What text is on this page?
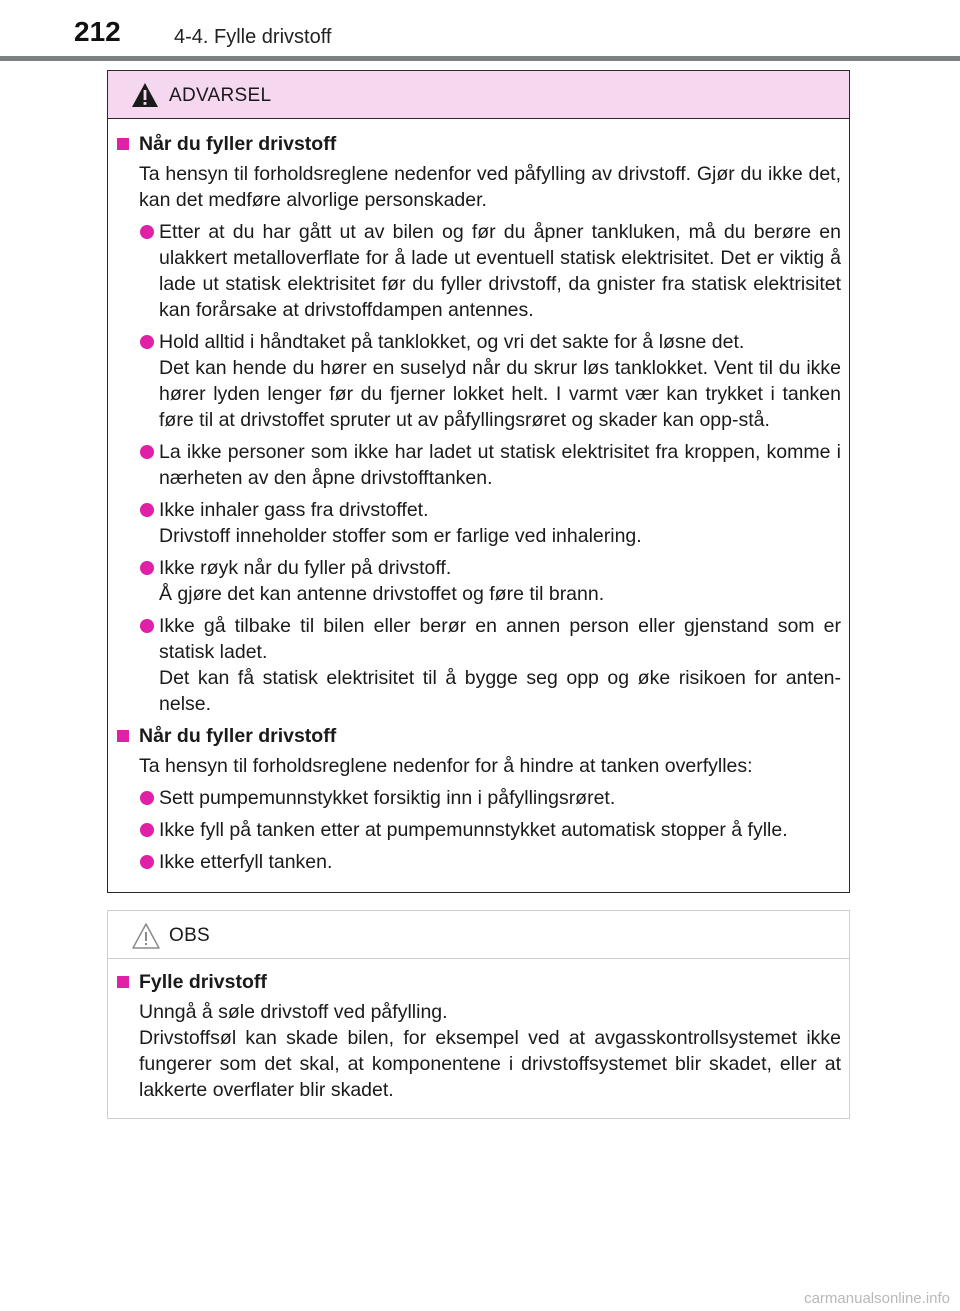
212	4-4. Fylle drivstoff
ADVARSEL
Når du fyller drivstoff
Ta hensyn til forholdsreglene nedenfor ved påfylling av drivstoff. Gjør du ikke det, kan det medføre alvorlige personskader.
Etter at du har gått ut av bilen og før du åpner tankluken, må du berøre en ulakkert metalloverflate for å lade ut eventuell statisk elektrisitet. Det er viktig å lade ut statisk elektrisitet før du fyller drivstoff, da gnister fra statisk elektrisitet kan forårsake at drivstoffdampen antennes.
Hold alltid i håndtaket på tanklokket, og vri det sakte for å løsne det.
Det kan hende du hører en suselyd når du skrur løs tanklokket. Vent til du ikke hører lyden lenger før du fjerner lokket helt. I varmt vær kan trykket i tanken føre til at drivstoffet spruter ut av påfyllingsrøret og skader kan opp-stå.
La ikke personer som ikke har ladet ut statisk elektrisitet fra kroppen, komme i nærheten av den åpne drivstofftanken.
Ikke inhaler gass fra drivstoffet.
Drivstoff inneholder stoffer som er farlige ved inhalering.
Ikke røyk når du fyller på drivstoff.
Å gjøre det kan antenne drivstoffet og føre til brann.
Ikke gå tilbake til bilen eller berør en annen person eller gjenstand som er statisk ladet.
Det kan få statisk elektrisitet til å bygge seg opp og øke risikoen for anten-nelse.
Når du fyller drivstoff
Ta hensyn til forholdsreglene nedenfor for å hindre at tanken overfylles:
Sett pumpemunnstykket forsiktig inn i påfyllingsrøret.
Ikke fyll på tanken etter at pumpemunnstykket automatisk stopper å fylle.
Ikke etterfyll tanken.
OBS
Fylle drivstoff
Unngå å søle drivstoff ved påfylling.
Drivstoffsøl kan skade bilen, for eksempel ved at avgasskontrollsystemet ikke fungerer som det skal, at komponentene i drivstoffsystemet blir skadet, eller at lakkerte overflater blir skadet.
carmanualsonline.info
